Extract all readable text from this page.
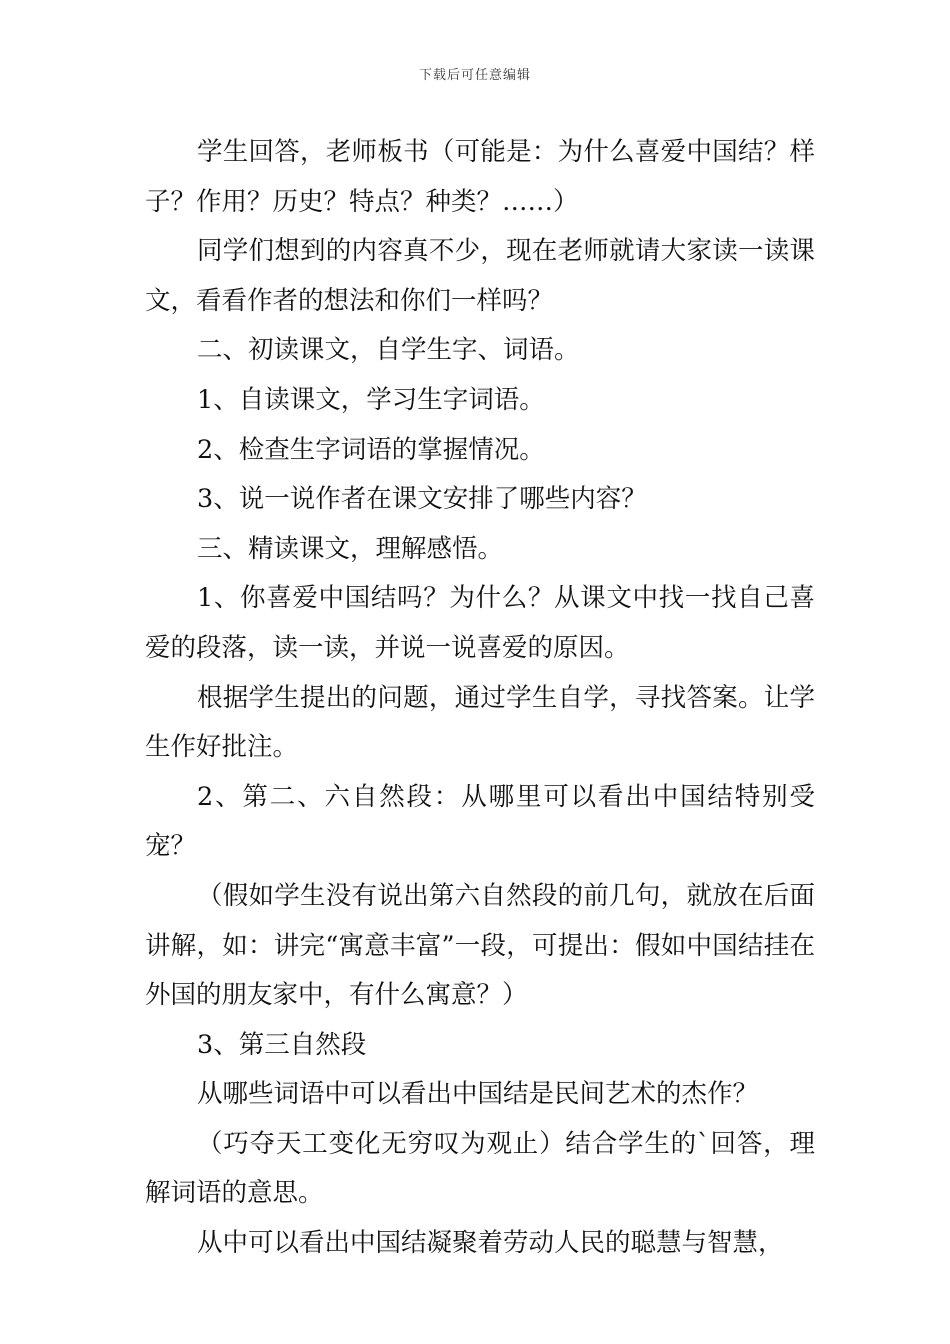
下载后可任意编辑

学生回答，老师板书（可能是：为什么喜爱中国结？样子？作用？历史？特点？种类？……）

同学们想到的内容真不少，现在老师就请大家读一读课文，看看作者的想法和你们一样吗？

二、初读课文，自学生字、词语。

1、自读课文，学习生字词语。

2、检查生字词语的掌握情况。

3、说一说作者在课文安排了哪些内容？

三、精读课文，理解感悟。

1、你喜爱中国结吗？为什么？从课文中找一找自己喜爱的段落，读一读，并说一说喜爱的原因。

根据学生提出的问题，通过学生自学，寻找答案。让学生作好批注。

2、第二、六自然段：从哪里可以看出中国结特别受宠？

（假如学生没有说出第六自然段的前几句，就放在后面讲解，如：讲完“寓意丰富”一段，可提出：假如中国结挂在外国的朋友家中，有什么寓意？）

3、第三自然段

从哪些词语中可以看出中国结是民间艺术的杰作？

（巧夺天工变化无穷叹为观止）结合学生的`回答，理解词语的意思。

从中可以看出中国结凝聚着劳动人民的聪慧与智慧，
